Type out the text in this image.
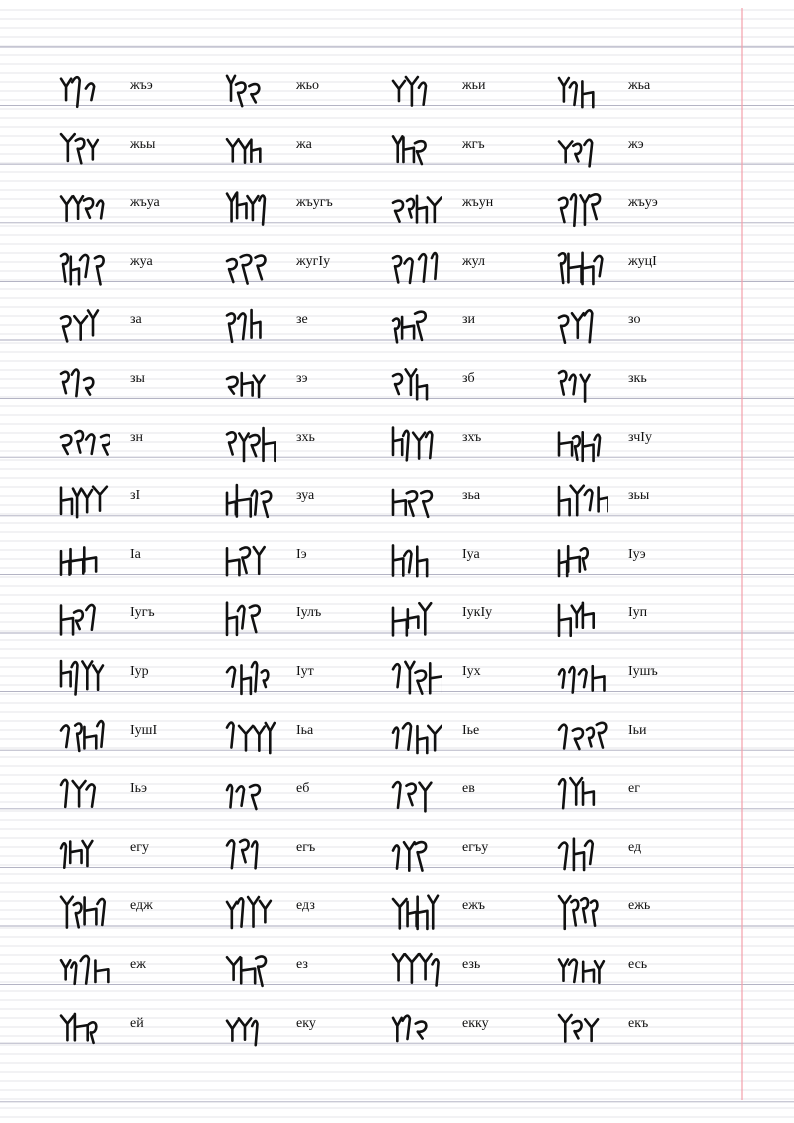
жъэ	жьо	жьи	жьа
жьы	жа	жгъ	жэ
жъуа	жъугъ	жъун	жъуэ
жуа	жугIу	жул	жуцI
за	зе	зи	зо
зы	зэ	зб	зкь
зн	зхь	зхъ	зчIу
зI	зуа	зьа	зьы
Iа	Iэ	Iуа	Iуэ
Iугъ	Iулъ	IукIу	Iуп
Iур	Iут	Iух	Iушъ
IушI	Iьа	Iье	Iьи
Iьэ	еб	ев	ег
егу	егъ	егъу	ед
едж	едз	ежъ	ежь
еж	ез	езь	есь
ей	еку	екку	екъ
